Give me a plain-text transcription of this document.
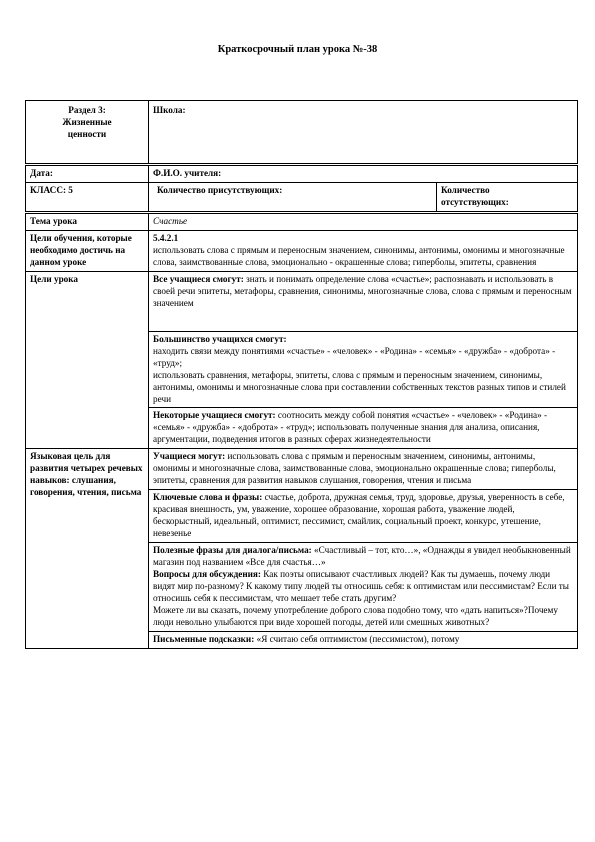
Краткосрочный план урока №-38
Раздел 3:
Жизненные
ценности	Школа:	
Дата:	Ф.И.О. учителя:	
КЛАСС: 5	Количество присутствующих:	Количество
отсутствующих:
Тема урока	Счастье	
Цели обучения, которые необходимо достичь на данном уроке	5.4.2.1
использовать слова с прямым и переносным значением, синонимы, антонимы, омонимы и многозначные слова, заимствованные слова, эмоционально - окрашенные слова; гиперболы, эпитеты, сравнения	
Цели урока	Все учащиеся смогут: знать и понимать определение слова «счастье»; распознавать и использовать в своей речи эпитеты, метафоры, сравнения, синонимы, многозначные слова, слова с прямым и переносным значением	

	Большинство учащихся смогут:
находить связи между понятиями «счастье» - «человек» - «Родина» - «семья» - «дружба» - «доброта» - «труд»;
использовать сравнения, метафоры, эпитеты, слова с прямым и переносным значением, синонимы, антонимы, омонимы и многозначные слова при составлении собственных текстов разных типов и стилей речи	
	Некоторые учащиеся смогут: соотносить между собой понятия «счастье» - «человек» - «Родина» - «семья» - «дружба» - «доброта» - «труд»; использовать полученные знания для анализа, описания, аргументации, подведения итогов в разных сферах жизнедеятельности	
Языковая цель для развития четырех речевых навыков: слушания, говорения, чтения, письма	Учащиеся могут: использовать слова с прямым и переносным значением, синонимы, антонимы, омонимы и многозначные слова, заимствованные слова, эмоционально окрашенные слова; гиперболы, эпитеты, сравнения для развития навыков слушания, говорения, чтения и письма	
	Ключевые слова и фразы: счастье, доброта, дружная семья, труд, здоровье, друзья, уверенность в себе, красивая внешность, ум, уважение, хорошее образование, хорошая работа, уважение людей, бескорыстный, идеальный, оптимист, пессимист, смайлик, социальный проект, конкурс, утешение, невезенье	
	Полезные фразы для диалога/письма: «Счастливый – тот, кто…», «Однажды я увидел необыкновенный магазин под названием «Все для счастья…»
Вопросы для обсуждения: Как поэты описывают счастливых людей? Как ты думаешь, почему люди видят мир по-разному? К какому типу людей ты относишь себя: к оптимистам или пессимистам? Если ты относишь себя к пессимистам, что мешает тебе стать другим?
Можете ли вы сказать, почему употребление доброго слова подобно тому, что «дать напиться»?Почему люди невольно улыбаются при виде хорошей погоды, детей или смешных животных?	
	Письменные подсказки: «Я считаю себя оптимистом (пессимистом), потому	
